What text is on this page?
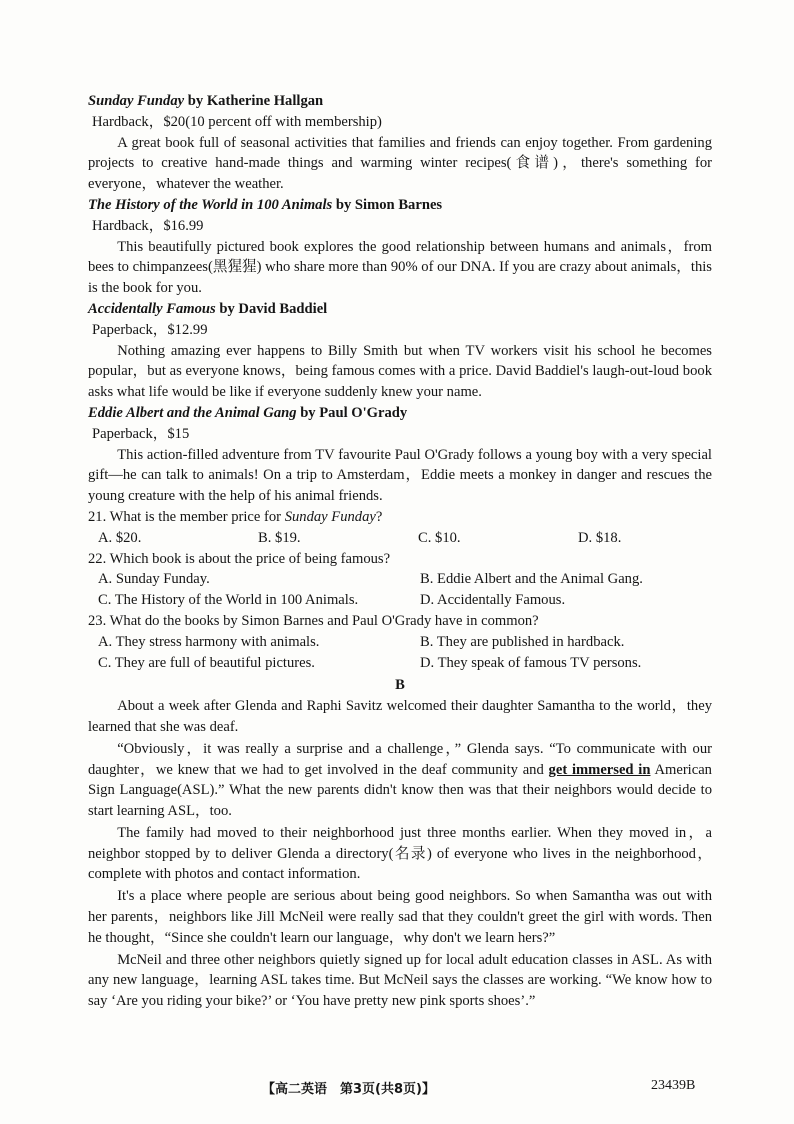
Sunday Funday by Katherine Hallgan

Hardback，$20(10 percent off with membership)

A great book full of seasonal activities that families and friends can enjoy together. From gardening projects to creative hand-made things and warming winter recipes(食谱)，there's something for everyone，whatever the weather.

The History of the World in 100 Animals by Simon Barnes

Hardback，$16.99

This beautifully pictured book explores the good relationship between humans and animals，from bees to chimpanzees(黑猩猩) who share more than 90% of our DNA. If you are crazy about animals，this is the book for you.

Accidentally Famous by David Baddiel

Paperback，$12.99

Nothing amazing ever happens to Billy Smith but when TV workers visit his school he becomes popular，but as everyone knows，being famous comes with a price. David Baddiel's laugh-out-loud book asks what life would be like if everyone suddenly knew your name.

Eddie Albert and the Animal Gang by Paul O'Grady

Paperback，$15

This action-filled adventure from TV favourite Paul O'Grady follows a young boy with a very special gift—he can talk to animals! On a trip to Amsterdam，Eddie meets a monkey in danger and rescues the young creature with the help of his animal friends.

21. What is the member price for Sunday Funday?

A. $20.	B. $19.	C. $10.	D. $18.

22. Which book is about the price of being famous?

A. Sunday Funday.	B. Eddie Albert and the Animal Gang.
C. The History of the World in 100 Animals.	D. Accidentally Famous.

23. What do the books by Simon Barnes and Paul O'Grady have in common?

A. They stress harmony with animals.	B. They are published in hardback.
C. They are full of beautiful pictures.	D. They speak of famous TV persons.

B

About a week after Glenda and Raphi Savitz welcomed their daughter Samantha to the world，they learned that she was deaf.

“Obviously，it was really a surprise and a challenge，” Glenda says. “To communicate with our daughter，we knew that we had to get involved in the deaf community and get immersed in American Sign Language(ASL).” What the new parents didn't know then was that their neighbors would decide to start learning ASL，too.

The family had moved to their neighborhood just three months earlier. When they moved in，a neighbor stopped by to deliver Glenda a directory(名录) of everyone who lives in the neighborhood，complete with photos and contact information.

It's a place where people are serious about being good neighbors. So when Samantha was out with her parents，neighbors like Jill McNeil were really sad that they couldn't greet the girl with words. Then he thought，“Since she couldn't learn our language，why don't we learn hers?”

McNeil and three other neighbors quietly signed up for local adult education classes in ASL. As with any new language，learning ASL takes time. But McNeil says the classes are working. “We know how to say ‘Are you riding your bike?’ or ‘You have pretty new pink sports shoes’.”

【高二英语　第3页(共8页)】	23439B
